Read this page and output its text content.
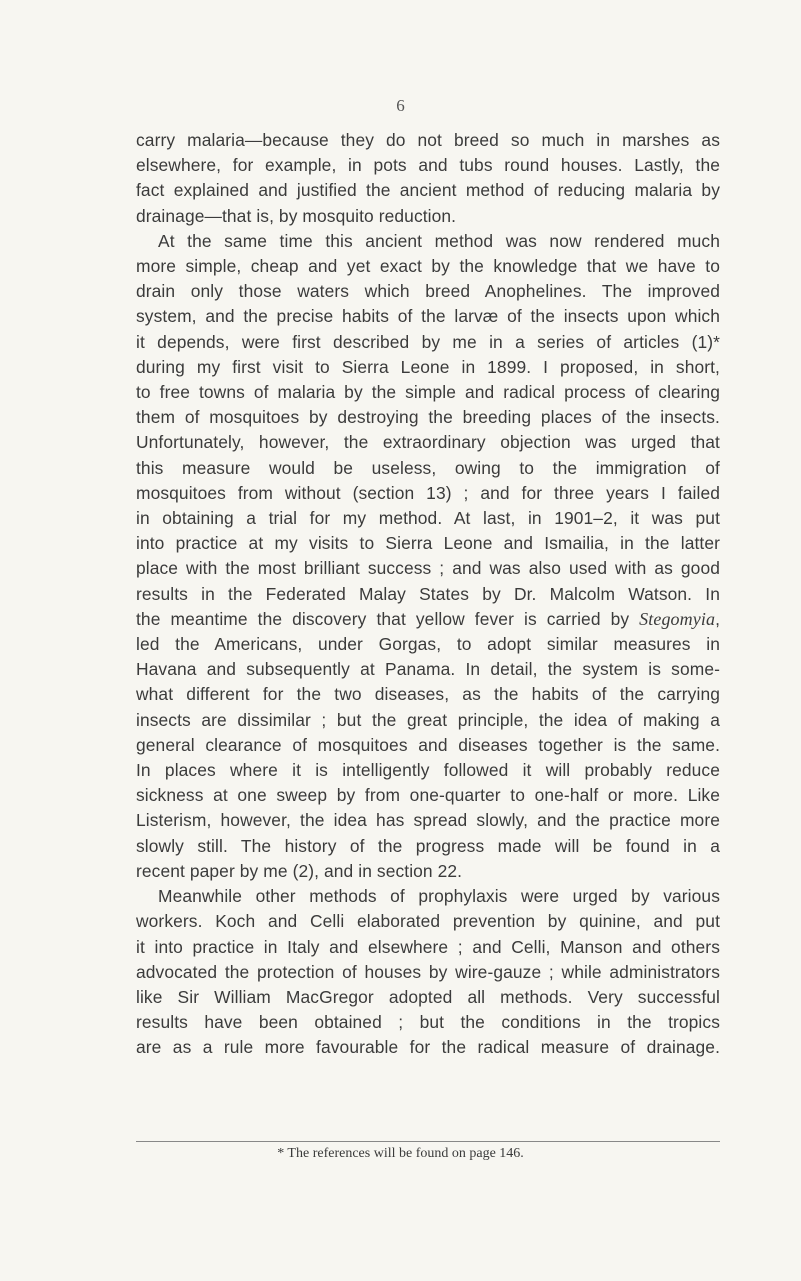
6
carry malaria—because they do not breed so much in marshes as
elsewhere, for example, in pots and tubs round houses. Lastly, the
fact explained and justified the ancient method of reducing malaria by
drainage—that is, by mosquito reduction.
At the same time this ancient method was now rendered much
more simple, cheap and yet exact by the knowledge that we have to
drain only those waters which breed Anophelines. The improved
system, and the precise habits of the larvæ of the insects upon which
it depends, were first described by me in a series of articles (1)*
during my first visit to Sierra Leone in 1899. I proposed, in short,
to free towns of malaria by the simple and radical process of clearing
them of mosquitoes by destroying the breeding places of the insects.
Unfortunately, however, the extraordinary objection was urged that
this measure would be useless, owing to the immigration of
mosquitoes from without (section 13) ; and for three years I failed
in obtaining a trial for my method. At last, in 1901–2, it was put
into practice at my visits to Sierra Leone and Ismailia, in the latter
place with the most brilliant success ; and was also used with as good
results in the Federated Malay States by Dr. Malcolm Watson. In
the meantime the discovery that yellow fever is carried by Stegomyia,
led the Americans, under Gorgas, to adopt similar measures in
Havana and subsequently at Panama. In detail, the system is some-
what different for the two diseases, as the habits of the carrying
insects are dissimilar ; but the great principle, the idea of making a
general clearance of mosquitoes and diseases together is the same.
In places where it is intelligently followed it will probably reduce
sickness at one sweep by from one-quarter to one-half or more. Like
Listerism, however, the idea has spread slowly, and the practice more
slowly still. The history of the progress made will be found in a
recent paper by me (2), and in section 22.
Meanwhile other methods of prophylaxis were urged by various
workers. Koch and Celli elaborated prevention by quinine, and put
it into practice in Italy and elsewhere ; and Celli, Manson and others
advocated the protection of houses by wire-gauze ; while administrators
like Sir William MacGregor adopted all methods. Very successful
results have been obtained ; but the conditions in the tropics
are as a rule more favourable for the radical measure of drainage.
* The references will be found on page 146.
